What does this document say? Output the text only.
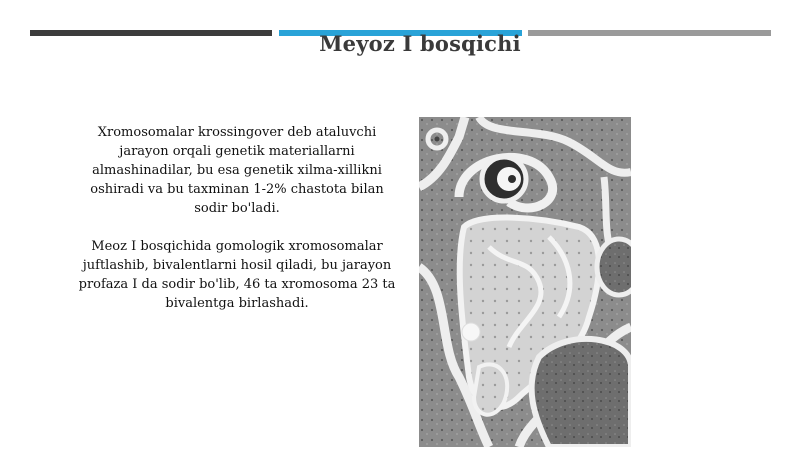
Meyoz I bosqichi

Xromosomalar krossingover deb ataluvchi
jarayon orqali genetik materiallarni
almashinadilar, bu esa genetik xilma-xillikni
oshiradi va bu taxminan 1-2% chastota bilan
sodir bo'ladi.

Meoz I bosqichida gomologik xromosomalar
juftlashib, bivalentlarni hosil qiladi, bu jarayon
profaza I da sodir bo'lib, 46 ta xromosoma 23 ta
bivalentga birlashadi.
